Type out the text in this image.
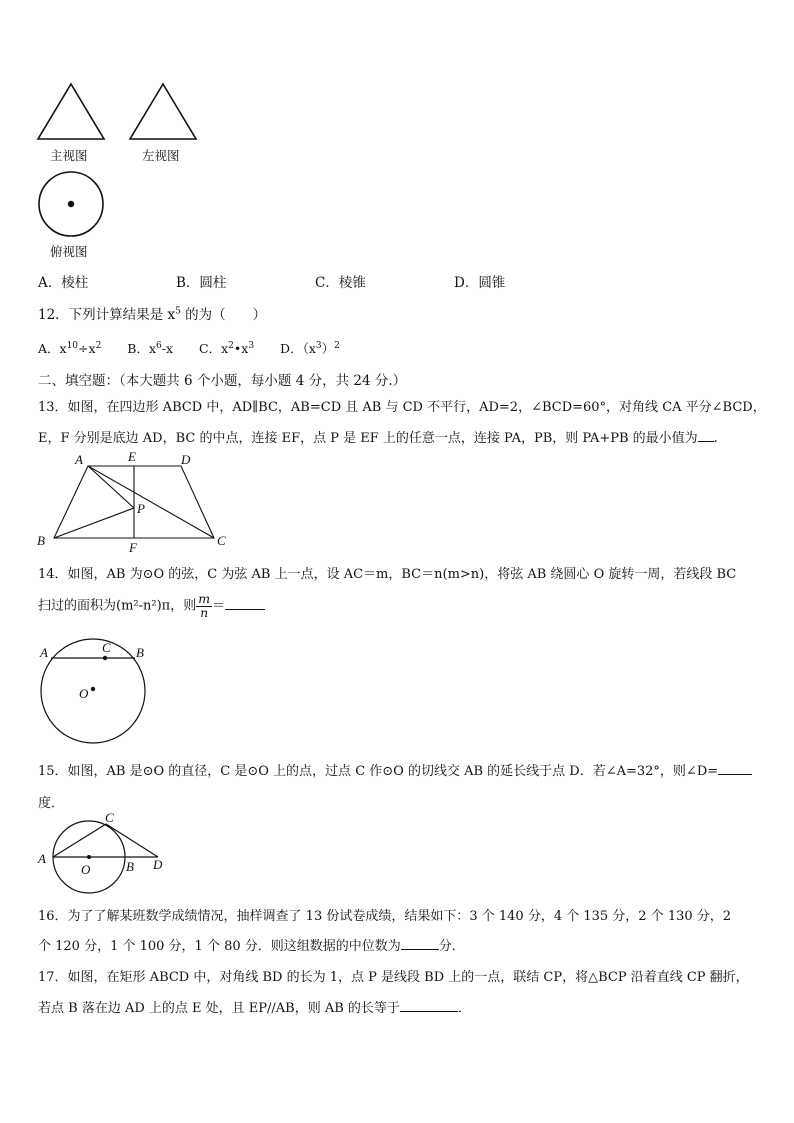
主视图	左视图
俯视图
A．棱柱	B．圆柱	C．棱锥	D．圆锥
12．下列计算结果是 $x^5$ 的为（　　）
A．$x^{10}\div x^2$ B．$x^6-x$ C．$x^2•x^3$ D．$(x^3)^2$
二、填空题：（本大题共 6 个小题，每小题 4 分，共 24 分.）
13．如图，在四边形 ABCD 中，AD∥BC，AB=CD 且 AB 与 CD 不平行，AD=2，∠BCD=60°，对角线 CA 平分∠BCD，
E，F 分别是底边 AD，BC 的中点，连接 EF，点 P 是 EF 上的任意一点，连接 PA，PB，则 PA+PB 的最小值为 .
A	E	D
P
B	F	C
14．如图，AB 为⊙O 的弦，C 为弦 AB 上一点，设 AC＝m，BC＝n(m>n)，将弦 AB 绕圆心 O 旋转一周，若线段 BC
扫过的面积为(m²-n²)π，则 $\frac{m}{n}$ ＝
A	C B
O
15．如图，AB 是⊙O 的直径，C 是⊙O 上的点，过点 C 作⊙O 的切线交 AB 的延长线于点 D．若∠A=32°，则∠D=
度．
C
A
O	B D
16．为了了解某班数学成绩情况，抽样调查了 13 份试卷成绩，结果如下：3 个 140 分，4 个 135 分，2 个 130 分，2
个 120 分，1 个 100 分，1 个 80 分．则这组数据的中位数为	分．
17．如图，在矩形 ABCD 中，对角线 BD 的长为 1，点 P 是线段 BD 上的一点，联结 CP，将△BCP 沿着直线 CP 翻折，
若点 B 落在边 AD 上的点 E 处，且 EP//AB，则 AB 的长等于	．
